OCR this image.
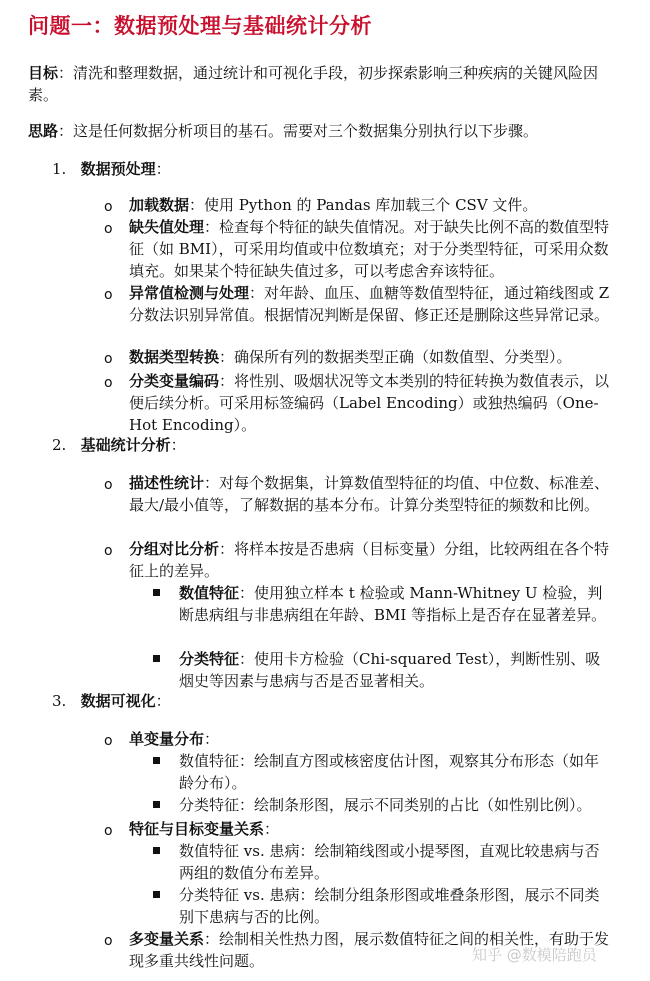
问题一：数据预处理与基础统计分析

目标：清洗和整理数据，通过统计和可视化手段，初步探索影响三种疾病的关键风险因素。

思路：这是任何数据分析项目的基石。需要对三个数据集分别执行以下步骤。

1. 数据预处理：
o 加载数据：使用 Python 的 Pandas 库加载三个 CSV 文件。

o 缺失值处理：检查每个特征的缺失值情况。对于缺失比例不高的数值型特征（如 BMI），可采用均值或中位数填充；对于分类型特征，可采用众数填充。如果某个特征缺失值过多，可以考虑舍弃该特征。

o 异常值检测与处理：对年龄、血压、血糖等数值型特征，通过箱线图或 Z 分数法识别异常值。根据情况判断是保留、修正还是删除这些异常记录。

o 数据类型转换：确保所有列的数据类型正确（如数值型、分类型）。

o 分类变量编码：将性别、吸烟状况等文本类别的特征转换为数值表示，以便后续分析。可采用标签编码（Label Encoding）或独热编码（One-Hot Encoding）。

2. 基础统计分析：
o 描述性统计：对每个数据集，计算数值型特征的均值、中位数、标准差、最大/最小值等，了解数据的基本分布。计算分类型特征的频数和比例。

o 分组对比分析：将样本按是否患病（目标变量）分组，比较两组在各个特征上的差异。

数值特征：使用独立样本 t 检验或 Mann-Whitney U 检验，判断患病组与非患病组在年龄、BMI 等指标上是否存在显著差异。

分类特征：使用卡方检验（Chi-squared Test），判断性别、吸烟史等因素与患病与否是否显著相关。

3. 数据可视化：
o 单变量分布：

数值特征：绘制直方图或核密度估计图，观察其分布形态（如年龄分布）。

分类特征：绘制条形图，展示不同类别的占比（如性别比例）。

o 特征与目标变量关系：

数值特征 vs. 患病：绘制箱线图或小提琴图，直观比较患病与否两组的数值分布差异。

分类特征 vs. 患病：绘制分组条形图或堆叠条形图，展示不同类别下患病与否的比例。

o 多变量关系：绘制相关性热力图，展示数值特征之间的相关性，有助于发现多重共线性问题。	知乎 @数模陪跑员
